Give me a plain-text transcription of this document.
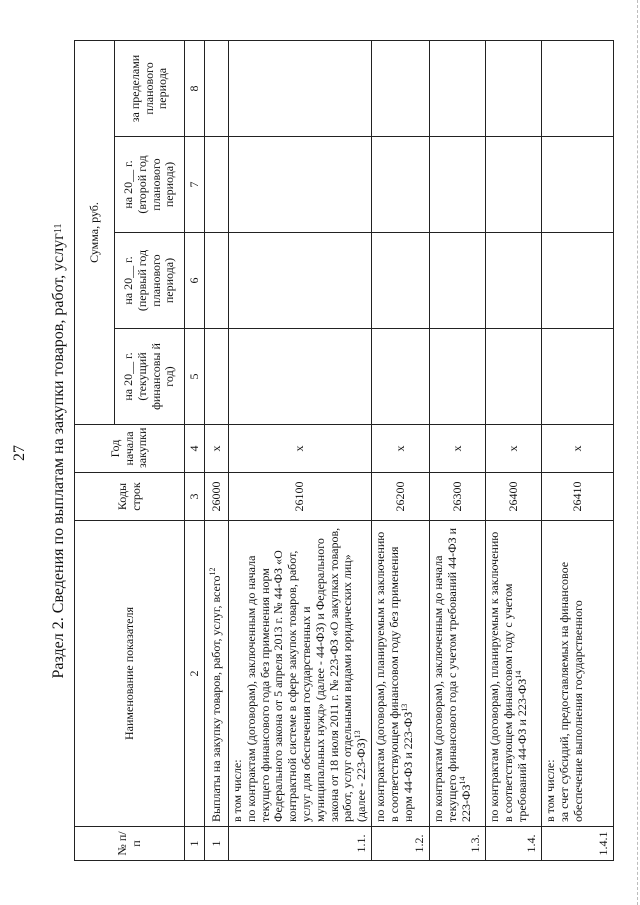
27 Раздел 2. Сведения по выплатам на закупки товаров, работ, услуг
11
№ п/п	Наименование показателя	Коды строк	Год начала закупки	Сумма, руб.			
				на 20__ г. (текущий финансовы й год)	на 20__ г. (первый год планового периода)	на 20__ г. (второй год планового периода)	за пределами планового периода
1	2	3	4	5	6	7	8
1	Выплаты на закупку товаров, работ, услуг, всего$^{12}$	26000	x				
1.1.	в том числе: по контрактам (договорам), заключенным до начала текущего финансового года без применения норм Федерального закона от 5 апреля 2013 г. № 44-ФЗ «О контрактной системе в сфере закупок товаров, работ, услуг для обеспечения государственных и муниципальных нужд» (далее - 44-ФЗ) и Федерального закона от 18 июля 2011 г. № 223-ФЗ «О закупках товаров, работ, услуг отдельными видами юридических лиц» (далее - 223-ФЗ)$^{13}$	26100	x				
1.2.	по контрактам (договорам), планируемым к заключению в соответствующем финансовом году без применения норм 44-ФЗ и 223-ФЗ$^{13}$	26200	x				
1.3.	по контрактам (договорам), заключенным до начала текущего финансового года с учетом требований 44-ФЗ и 223-ФЗ$^{14}$	26300	x				
1.4.	по контрактам (договорам), планируемым к заключению в соответствующем финансовом году с учетом требований 44-ФЗ и 223-ФЗ$^{14}$	26400	x				
1.4.1	в том числе: за счет субсидий, предоставляемых на финансовое обеспечение выполнения государственного	26410	x				
